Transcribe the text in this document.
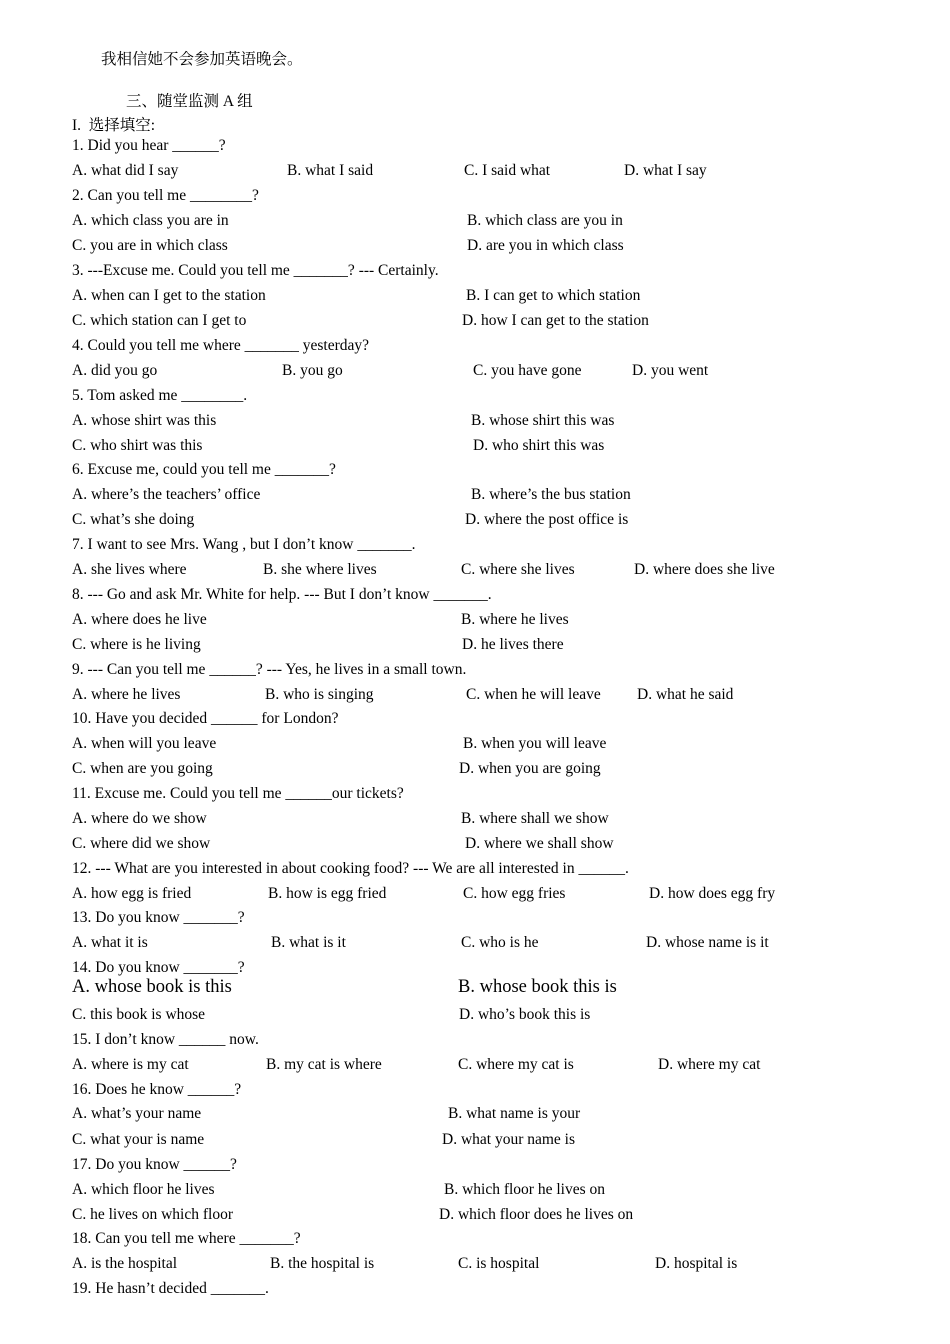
我相信她不会参加英语晚会。
三、随堂监测 A 组
I.  选择填空:
1. Did you hear ______?
A. what did I say	B. what I said	C. I said what	D. what I say
2. Can you tell me ________?
A. which class you are in	B. which class are you in
C. you are in which class	D. are you in which class
3. ---Excuse me. Could you tell me _______? --- Certainly.
A. when can I get to the station	B. I can get to which station
C. which station can I get to	D. how I can get to the station
4. Could you tell me where _______ yesterday?
A. did you go	B. you go	C. you have gone	D. you went
5. Tom asked me ________.
A. whose shirt was this	B. whose shirt this was
C. who shirt was this	D. who shirt this was
6. Excuse me, could you tell me _______?
A. where’s the teachers’ office	B. where’s the bus station
C. what’s she doing	D. where the post office is
7. I want to see Mrs. Wang , but I don’t know _______.
A. she lives where	B. she where lives	C. where she lives	D. where does she live
8. --- Go and ask Mr. White for help. --- But I don’t know _______.
A. where does he live	B. where he lives
C. where is he living	D. he lives there
9. --- Can you tell me ______? --- Yes, he lives in a small town.
A. where he lives	B. who is singing	C. when he will leave D. what he said
10. Have you decided ______ for London?
A. when will you leave	B. when you will leave
C. when are you going	D. when you are going
11. Excuse me. Could you tell me ______our tickets?
A. where do we show	B. where shall we show
C. where did we show	D. where we shall show
12. --- What are you interested in about cooking food? --- We are all interested in ______.
A. how egg is fried	B. how is egg fried	C. how egg fries	D. how does egg fry
13. Do you know _______?
A. what it is	B. what is it	C. who is he	D. whose name is it
14. Do you know _______?
A. whose book is this	B. whose book this is
C. this book is whose	D. who’s book this is
15. I don’t know ______ now.
A. where is my cat	B. my cat is where	C. where my cat is	D. where my cat
16. Does he know ______?
A. what’s your name	B. what name is your
C. what your is name	D. what your name is
17. Do you know ______?
A. which floor he lives	B. which floor he lives on
C. he lives on which floor	D. which floor does he lives on
18. Can you tell me where _______?
A. is the hospital	B. the hospital is	C. is hospital	D. hospital is
19. He hasn’t decided _______.
